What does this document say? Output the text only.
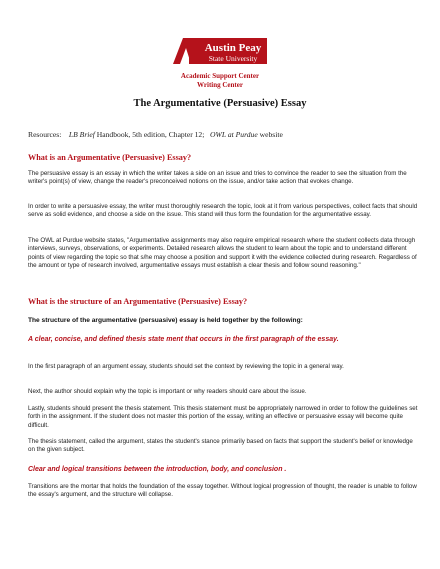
Austin Peay
State University
Academic Support Center
Writing Center
The Argumentative (Persuasive) Essay
Resources: LB Brief Handbook, 5th edition, Chapter 12; OWL at Purdue website
What is an Argumentative (Persuasive) Essay?
The persuasive essay is an essay in which the writer takes a side on an issue and tries to convince the reader to see the situation from the writer's point(s) of view, change the reader's preconceived notions on the issue, and/or take action that evokes change.
In order to write a persuasive essay, the writer must thoroughly research the topic, look at it from various perspectives, collect facts that should serve as solid evidence, and choose a side on the issue. This stand will thus form the foundation for the argumentative essay.
The OWL at Purdue website states, "Argumentative assignments may also require empirical research where the student collects data through interviews, surveys, observations, or experiments. Detailed research allows the student to learn about the topic and to understand different points of view regarding the topic so that s/he may choose a position and support it with the evidence collected during research. Regardless of the amount or type of research involved, argumentative essays must establish a clear thesis and follow sound reasoning."
What is the structure of an Argumentative (Persuasive) Essay?
The structure of the argumentative (persuasive) essay is held together by the following:
A clear, concise, and defined thesis state ment that occurs in the first paragraph of the essay.
In the first paragraph of an argument essay, students should set the context by reviewing the topic in a general way.
Next, the author should explain why the topic is important or why readers should care about the issue.
Lastly, students should present the thesis statement. This thesis statement must be appropriately narrowed in order to follow the guidelines set forth in the assignment. If the student does not master this portion of the essay, writing an effective or persuasive essay will become quite difficult.
The thesis statement, called the argument, states the student's stance primarily based on facts that support the student's belief or knowledge on the given subject.
Clear and logical transitions between the introduction, body, and conclusion .
Transitions are the mortar that holds the foundation of the essay together. Without logical progression of thought, the reader is unable to follow the essay's argument, and the structure will collapse.
